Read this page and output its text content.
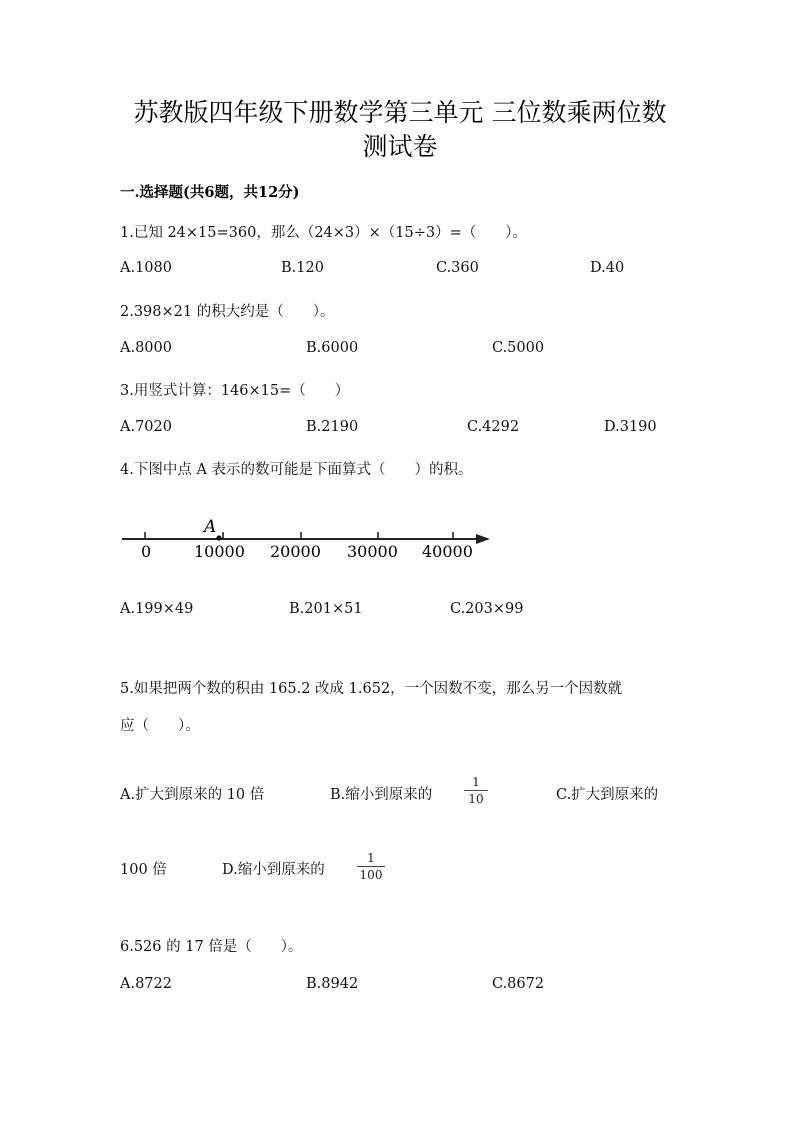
苏教版四年级下册数学第三单元 三位数乘两位数
测试卷
一.选择题(共6题，共12分)
1.已知 24×15=360，那么（24×3）×（15÷3）=（　　）。
A.1080	B.120	C.360	D.40
2.398×21 的积大约是（　　）。
A.8000	B.6000	C.5000
3.用竖式计算：146×15=（　　）
A.7020	B.2190	C.4292	D.3190
4.下图中点 A 表示的数可能是下面算式（　　）的积。
A
0	10000 20000 30000 40000
A.199×49	B.201×51	C.203×99
5.如果把两个数的积由 165.2 改成 1.652，一个因数不变，那么另一个因数就
应（　　）。
A.扩大到原来的 10 倍	B.缩小到原来的
1
10	C.扩大到原来的
100 倍	D.缩小到原来的
1
100
6.526 的 17 倍是（　　）。
A.8722	B.8942	C.8672
